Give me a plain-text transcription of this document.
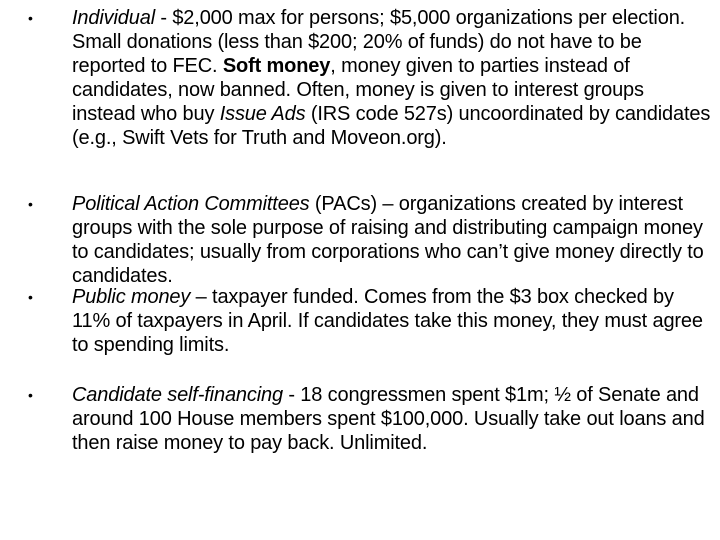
• Individual - $2,000 max for persons; $5,000 organizations per election. Small donations (less than $200; 20% of funds) do not have to be reported to FEC. Soft money, money given to parties instead of candidates, now banned. Often, money is given to interest groups instead who buy Issue Ads (IRS code 527s) uncoordinated by candidates (e.g., Swift Vets for Truth and Moveon.org).
• Political Action Committees (PACs) – organizations created by interest groups with the sole purpose of raising and distributing campaign money to candidates; usually from corporations who can’t give money directly to candidates.
• Public money – taxpayer funded. Comes from the $3 box checked by 11% of taxpayers in April. If candidates take this money, they must agree to spending limits.
• Candidate self-financing - 18 congressmen spent $1m; ½ of Senate and around 100 House members spent $100,000. Usually take out loans and then raise money to pay back. Unlimited.
